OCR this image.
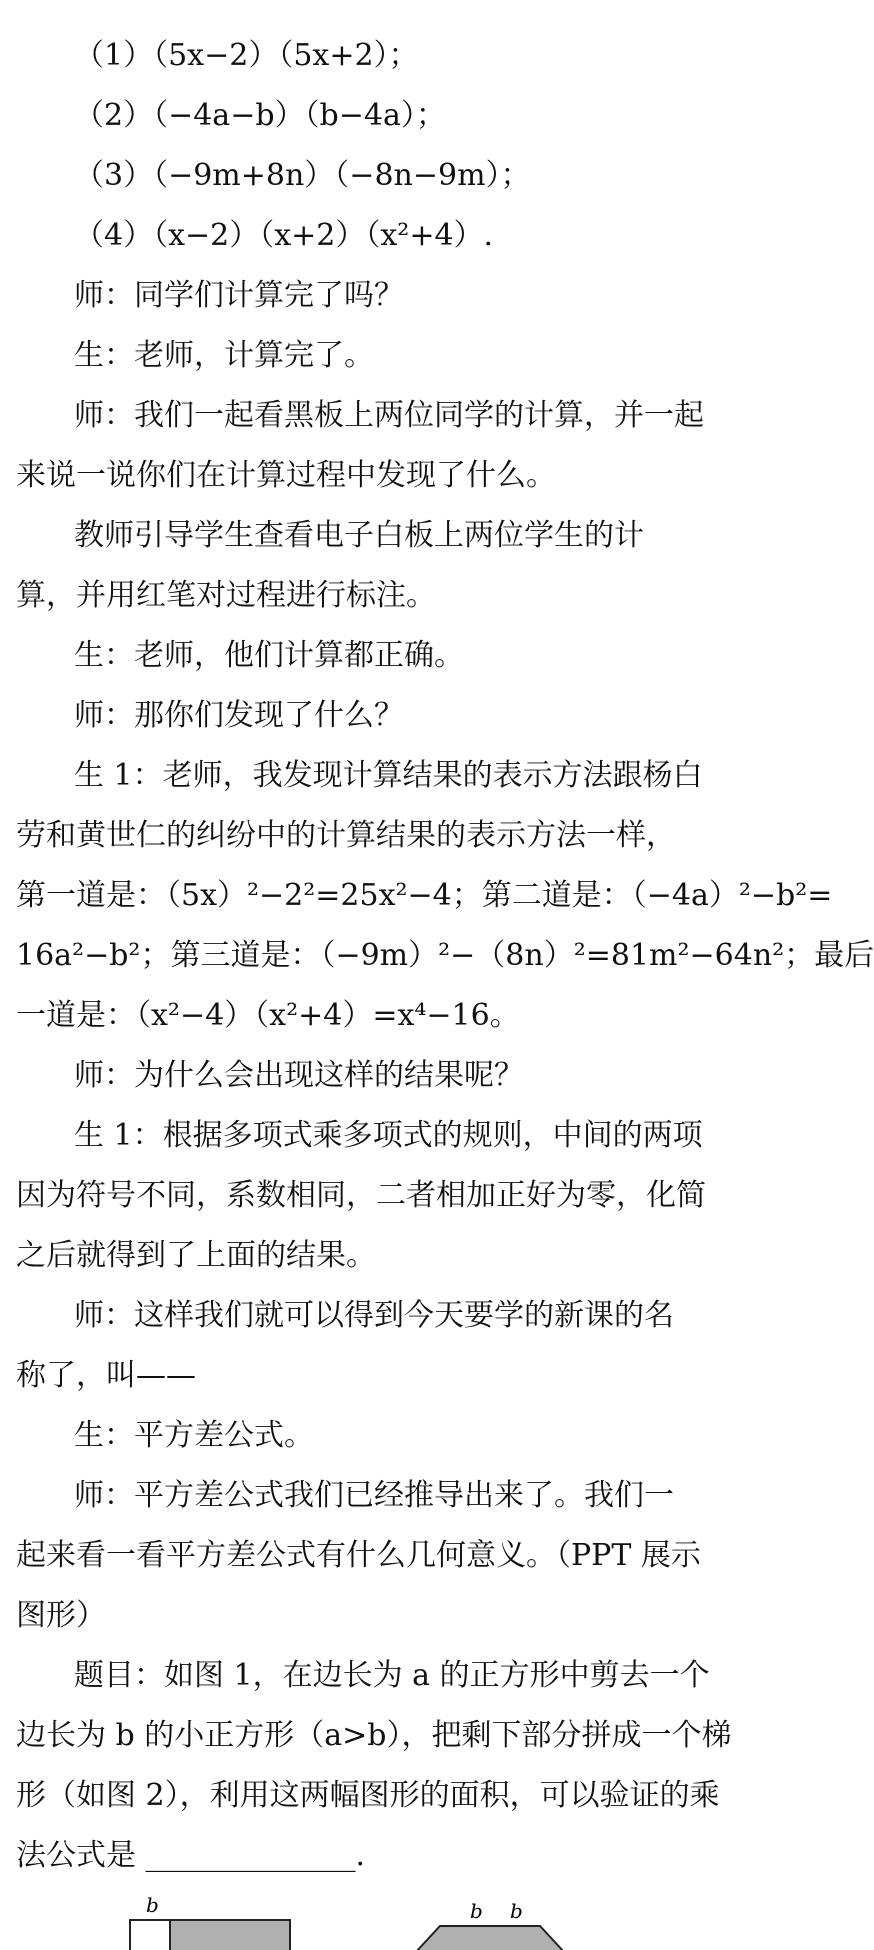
（1）（5x−2）（5x+2）；
（2）（−4a−b）（b−4a）；
（3）（−9m+8n）（−8n−9m）；
（4）（x−2）（x+2）（x²+4）.
师：同学们计算完了吗？
生：老师，计算完了。
师：我们一起看黑板上两位同学的计算，并一起
来说一说你们在计算过程中发现了什么。
教师引导学生查看电子白板上两位学生的计
算，并用红笔对过程进行标注。
生：老师，他们计算都正确。
师：那你们发现了什么？
生 1：老师，我发现计算结果的表示方法跟杨白
劳和黄世仁的纠纷中的计算结果的表示方法一样，
第一道是：（5x）²−2²=25x²−4；第二道是：（−4a）²−b²=
16a²−b²；第三道是：（−9m）²−（8n）²=81m²−64n²；最后
一道是：（x²−4）（x²+4）=x⁴−16。
师：为什么会出现这样的结果呢？
生 1：根据多项式乘多项式的规则，中间的两项
因为符号不同，系数相同，二者相加正好为零，化简
之后就得到了上面的结果。
师：这样我们就可以得到今天要学的新课的名
称了，叫——
生：平方差公式。
师：平方差公式我们已经推导出来了。我们一
起来看一看平方差公式有什么几何意义。（PPT 展示
图形）
题目：如图 1，在边长为 a 的正方形中剪去一个
边长为 b 的小正方形（a>b），把剩下部分拼成一个梯
形（如图 2），利用这两幅图形的面积，可以验证的乘
法公式是 ______________.
b	b b
